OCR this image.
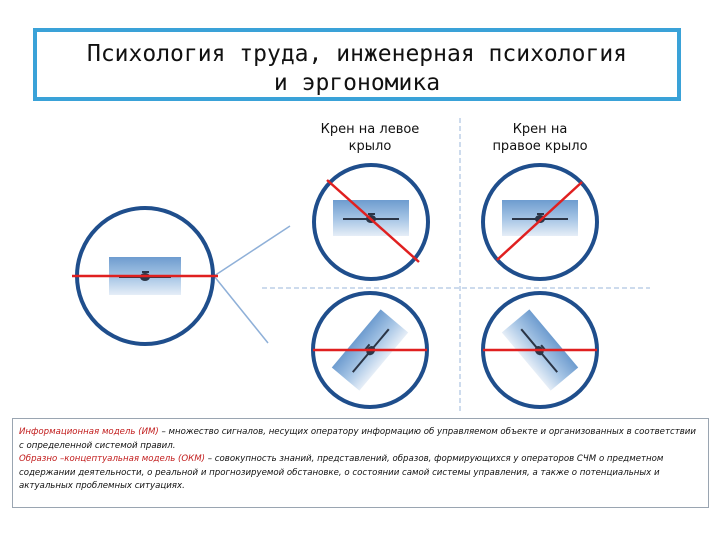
Психология труда, инженерная психология
и эргономика
Крен на левое
крыло
Крен на
правое крыло
Информационная модель (ИМ) – множество сигналов, несущих оператору информацию об управляемом объекте и организованных в соответствии с определенной системой правил.
Образно –концептуальная модель (ОКМ) – совокупность знаний, представлений, образов, формирующихся у операторов СЧМ о предметном содержании деятельности, о реальной и прогнозируемой обстановке, о состоянии самой системы управления, а также о потенциальных и актуальных проблемных ситуациях.
